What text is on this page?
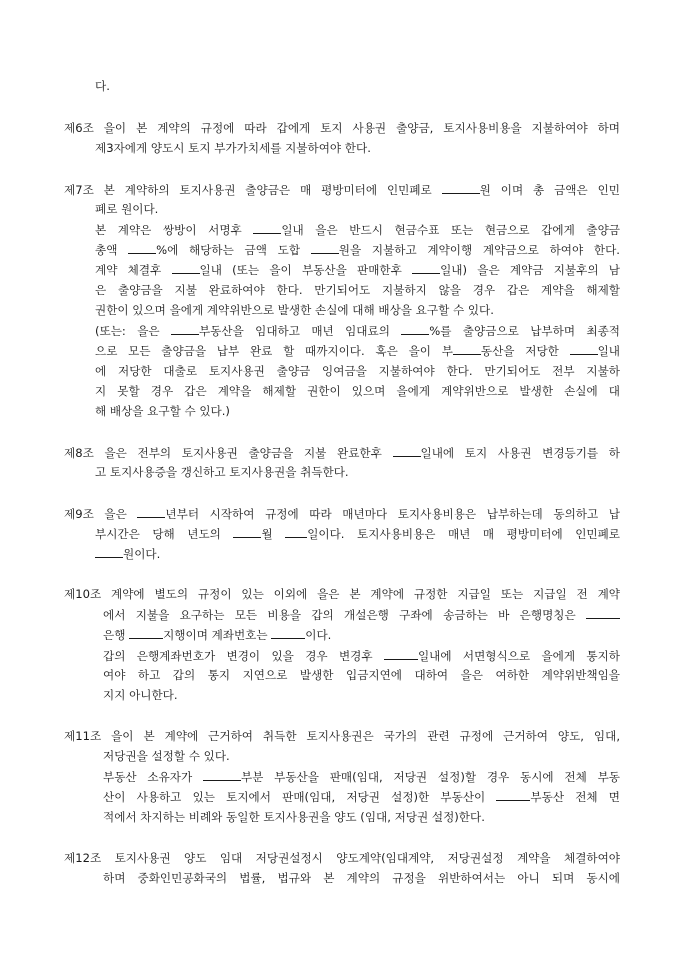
다.
제6조 을이 본 계약의 규정에 따라 갑에게 토지 사용권 출양금, 토지사용비용을 지불하여야 하며
제3자에게 양도시 토지 부가가치세를 지불하여야 한다.
제7조 본 계약하의 토지사용권 출양금은 매 평방미터에 인민폐로	원 이며 총 금액은 인민
폐로 원이다.
본 계약은 쌍방이 서명후 일내 을은 반드시 현금수표 또는 현금으로 갑에게 출양금
총액 %에 해당하는 금액 도합 원을 지불하고 계약이행 계약금으로 하여야 한다.
계약 체결후 일내 (또는 을이 부동산을 판매한후 일내) 을은 계약금 지불후의 남
은 출양금을 지불 완료하여야 한다. 만기되어도 지불하지 않을 경우 갑은 계약을 해제할
권한이 있으며 을에게 계약위반으로 발생한 손실에 대해 배상을 요구할 수 있다.
(또는: 을은 부동산을 임대하고 매년 임대료의 %를 출양금으로 납부하며 최종적
으로 모든 출양금을 납부 완료 할 때까지이다. 혹은 을이 부 동산을 저당한 일내
에 저당한 대출로 토지사용권 출양금 잉여금을 지불하여야 한다. 만기되어도 전부 지불하
지 못할 경우 갑은 계약을 해제할 권한이 있으며 을에게 계약위반으로 발생한 손실에 대
해 배상을 요구할 수 있다.)
제8조 을은 전부의 토지사용권 출양금을 지불 완료한후 일내에 토지 사용권 변경등기를 하
고 토지사용증을 갱신하고 토지사용권을 취득한다.
제9조 을은 년부터 시작하여 규정에 따라 매년마다 토지사용비용은 납부하는데 동의하고 납
부시간은 당해 년도의 월 일이다. 토지사용비용은 매년 매 평방미터에 인민폐로
원이다.
제10조 계약에 별도의 규정이 있는 이외에 을은 본 계약에 규정한 지급일 또는 지급일 전 계약
에서 지불을 요구하는 모든 비용을 갑의 개설은행 구좌에 송금하는 바 은행명칭은
은행	지행이며 계좌번호는	이다.
갑의 은행계좌번호가 변경이 있을 경우 변경후	일내에 서면형식으로 을에게 통지하
여야 하고 갑의 통지 지연으로 발생한 입금지연에 대하여 을은 여하한 계약위반책임을
지지 아니한다.
제11조 을이 본 계약에 근거하여 취득한 토지사용권은 국가의 관련 규정에 근거하여 양도, 임대,
저당권을 설정할 수 있다.
부동산 소유자가	부분 부동산을 판매(임대, 저당권 설정)할 경우 동시에 전체 부동
산이 사용하고 있는 토지에서 판매(임대, 저당권 설정)한 부동산이	부동산 전체 면
적에서 차지하는 비례와 동일한 토지사용권을 양도 (임대, 저당권 설정)한다.
제12조 토지사용권 양도 임대 저당권설정시 양도계약(임대계약, 저당권설정 계약을 체결하여야
하며 중화인민공화국의 법률, 법규와 본 계약의 규정을 위반하여서는 아니 되며 동시에
